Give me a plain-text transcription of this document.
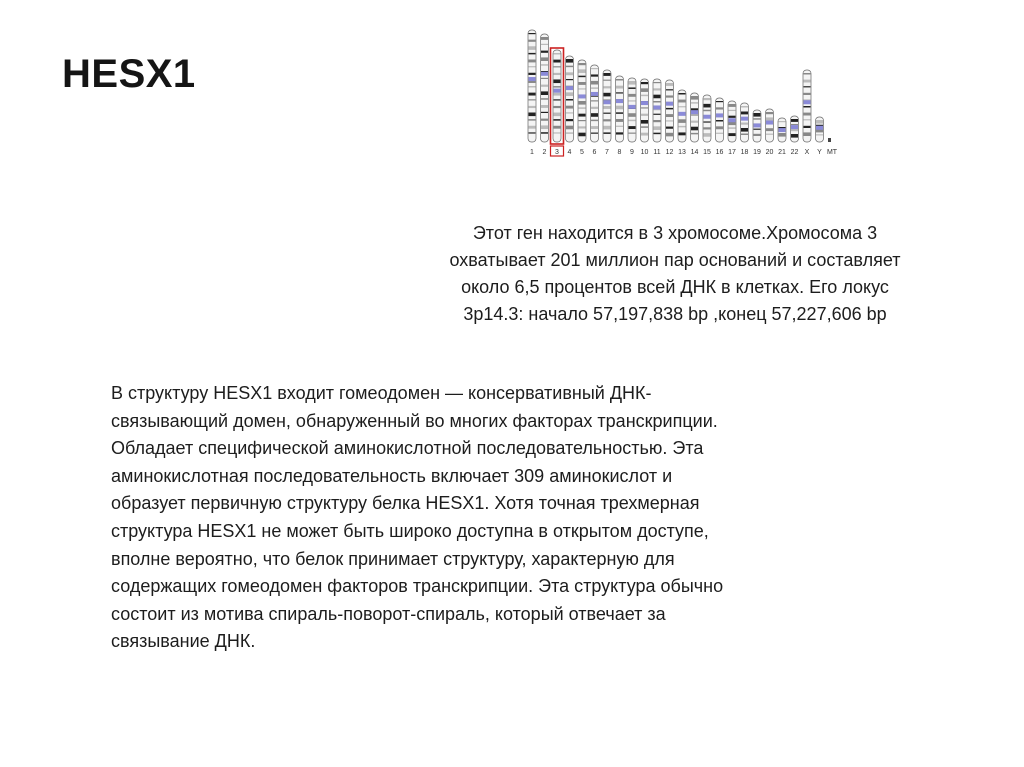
HESX1
1 2 3 4 5 6 7 8 9 10 11 12 13 14 15 16 17 18 19 20 21 22 X Y MT
Этот ген находится в 3 хромосоме.Хромосома 3
охватывает 201 миллион пар оснований и составляет
около 6,5 процентов всей ДНК в клетках. Его локус
3p14.3: начало 57,197,838 bp ,конец 57,227,606 bp
В структуру HESX1 входит гомеодомен — консервативный ДНК-
связывающий домен, обнаруженный во многих факторах транскрипции.
Обладает специфической аминокислотной последовательностью. Эта
аминокислотная последовательность включает 309 аминокислот и
образует первичную структуру белка HESX1. Хотя точная трехмерная
структура HESX1 не может быть широко доступна в открытом доступе,
вполне вероятно, что белок принимает структуру, характерную для
содержащих гомеодомен факторов транскрипции. Эта структура обычно
состоит из мотива спираль-поворот-спираль, который отвечает за
связывание ДНК.
